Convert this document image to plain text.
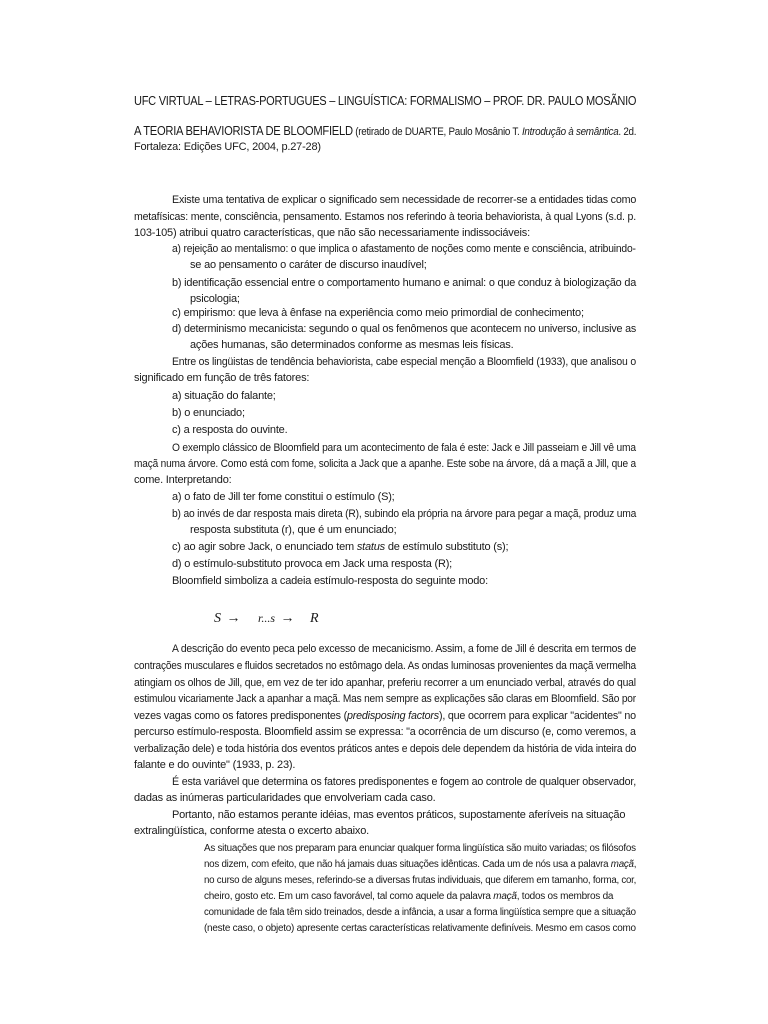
UFC VIRTUAL – LETRAS-PORTUGUES – LINGUÍSTICA: FORMALISMO – PROF. DR. PAULO MOSÃNIO
A TEORIA BEHAVIORISTA DE BLOOMFIELD (retirado de DUARTE, Paulo Mosânio T. Introdução à semântica. 2d.
Fortaleza: Edições UFC, 2004, p.27-28)
Existe uma tentativa de explicar o significado sem necessidade de recorrer-se a entidades tidas como
metafísicas: mente, consciência, pensamento. Estamos nos referindo à teoria behaviorista, à qual Lyons (s.d. p.
103-105) atribui quatro características, que não são necessariamente indissociáveis:
a) rejeição ao mentalismo: o que implica o afastamento de noções como mente e consciência, atribuindo-
se ao pensamento o caráter de discurso inaudível;
b) identificação essencial entre o comportamento humano e animal: o que conduz à biologização da
psicologia;
c) empirismo: que leva à ênfase na experiência como meio primordial de conhecimento;
d) determinismo mecanicista: segundo o qual os fenômenos que acontecem no universo, inclusive as
ações humanas, são determinados conforme as mesmas leis físicas.
Entre os lingüistas de tendência behaviorista, cabe especial menção a Bloomfield (1933), que analisou o
significado em função de três fatores:
a) situação do falante;
b) o enunciado;
c) a resposta do ouvinte.
O exemplo clássico de Bloomfield para um acontecimento de fala é este: Jack e Jill passeiam e Jill vê uma
maçã numa árvore. Como está com fome, solicita a Jack que a apanhe. Este sobe na árvore, dá a maçã a Jill, que a
come. Interpretando:
a) o fato de Jill ter fome constitui o estímulo (S);
b) ao invés de dar resposta mais direta (R), subindo ela própria na árvore para pegar a maçã, produz uma
resposta substituta (r), que é um enunciado;
c) ao agir sobre Jack, o enunciado tem status de estímulo substituto (s);
d) o estímulo-substituto provoca em Jack uma resposta (R);
Bloomfield simboliza a cadeia estímulo-resposta do seguinte modo:
S → r...s → R
A descrição do evento peca pelo excesso de mecanicismo. Assim, a fome de Jill é descrita em termos de
contrações musculares e fluidos secretados no estômago dela. As ondas luminosas provenientes da maçã vermelha
atingiam os olhos de Jill, que, em vez de ter ido apanhar, preferiu recorrer a um enunciado verbal, através do qual
estimulou vicariamente Jack a apanhar a maçã. Mas nem sempre as explicações são claras em Bloomfield. São por
vezes vagas como os fatores predisponentes (predisposing factors), que ocorrem para explicar "acidentes" no
percurso estímulo-resposta. Bloomfield assim se expressa: "a ocorrência de um discurso (e, como veremos, a
verbalização dele) e toda história dos eventos práticos antes e depois dele dependem da história de vida inteira do
falante e do ouvinte" (1933, p. 23).
É esta variável que determina os fatores predisponentes e fogem ao controle de qualquer observador,
dadas as inúmeras particularidades que envolveriam cada caso.
Portanto, não estamos perante idéias, mas eventos práticos, supostamente aferíveis na situação
extralingüística, conforme atesta o excerto abaixo.
As situações que nos preparam para enunciar qualquer forma lingüística são muito variadas; os filósofos
nos dizem, com efeito, que não há jamais duas situações idênticas. Cada um de nós usa a palavra maçã,
no curso de alguns meses, referindo-se a diversas frutas individuais, que diferem em tamanho, forma, cor,
cheiro, gosto etc. Em um caso favorável, tal como aquele da palavra maçã, todos os membros da
comunidade de fala têm sido treinados, desde a infância, a usar a forma lingüística sempre que a situação
(neste caso, o objeto) apresente certas características relativamente definíveis. Mesmo em casos como
